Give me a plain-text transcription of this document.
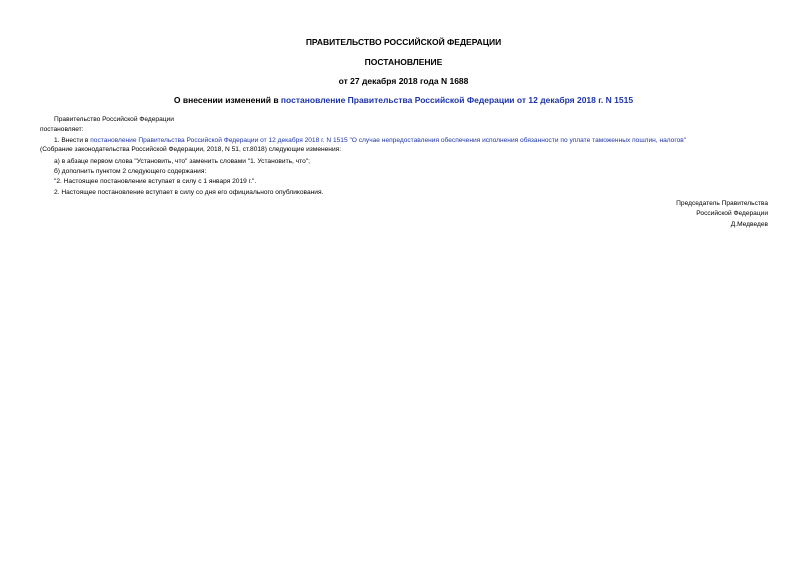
ПРАВИТЕЛЬСТВО РОССИЙСКОЙ ФЕДЕРАЦИИ
ПОСТАНОВЛЕНИЕ
от 27 декабря 2018 года N 1688
О внесении изменений в постановление Правительства Российской Федерации от 12 декабря 2018 г. N 1515
Правительство Российской Федерации
постановляет:
1. Внести в постановление Правительства Российской Федерации от 12 декабря 2018 г. N 1515 "О случае непредоставления обеспечения исполнения обязанности по уплате таможенных пошлин, налогов"
(Собрание законодательства Российской Федерации, 2018, N 51, ст.8018) следующие изменения:
а) в абзаце первом слова "Установить, что" заменить словами "1. Установить, что";
б) дополнить пунктом 2 следующего содержания:
"2. Настоящее постановление вступает в силу с 1 января 2019 г.".
2. Настоящее постановление вступает в силу со дня его официального опубликования.
Председатель Правительства
Российской Федерации
Д.Медведев
